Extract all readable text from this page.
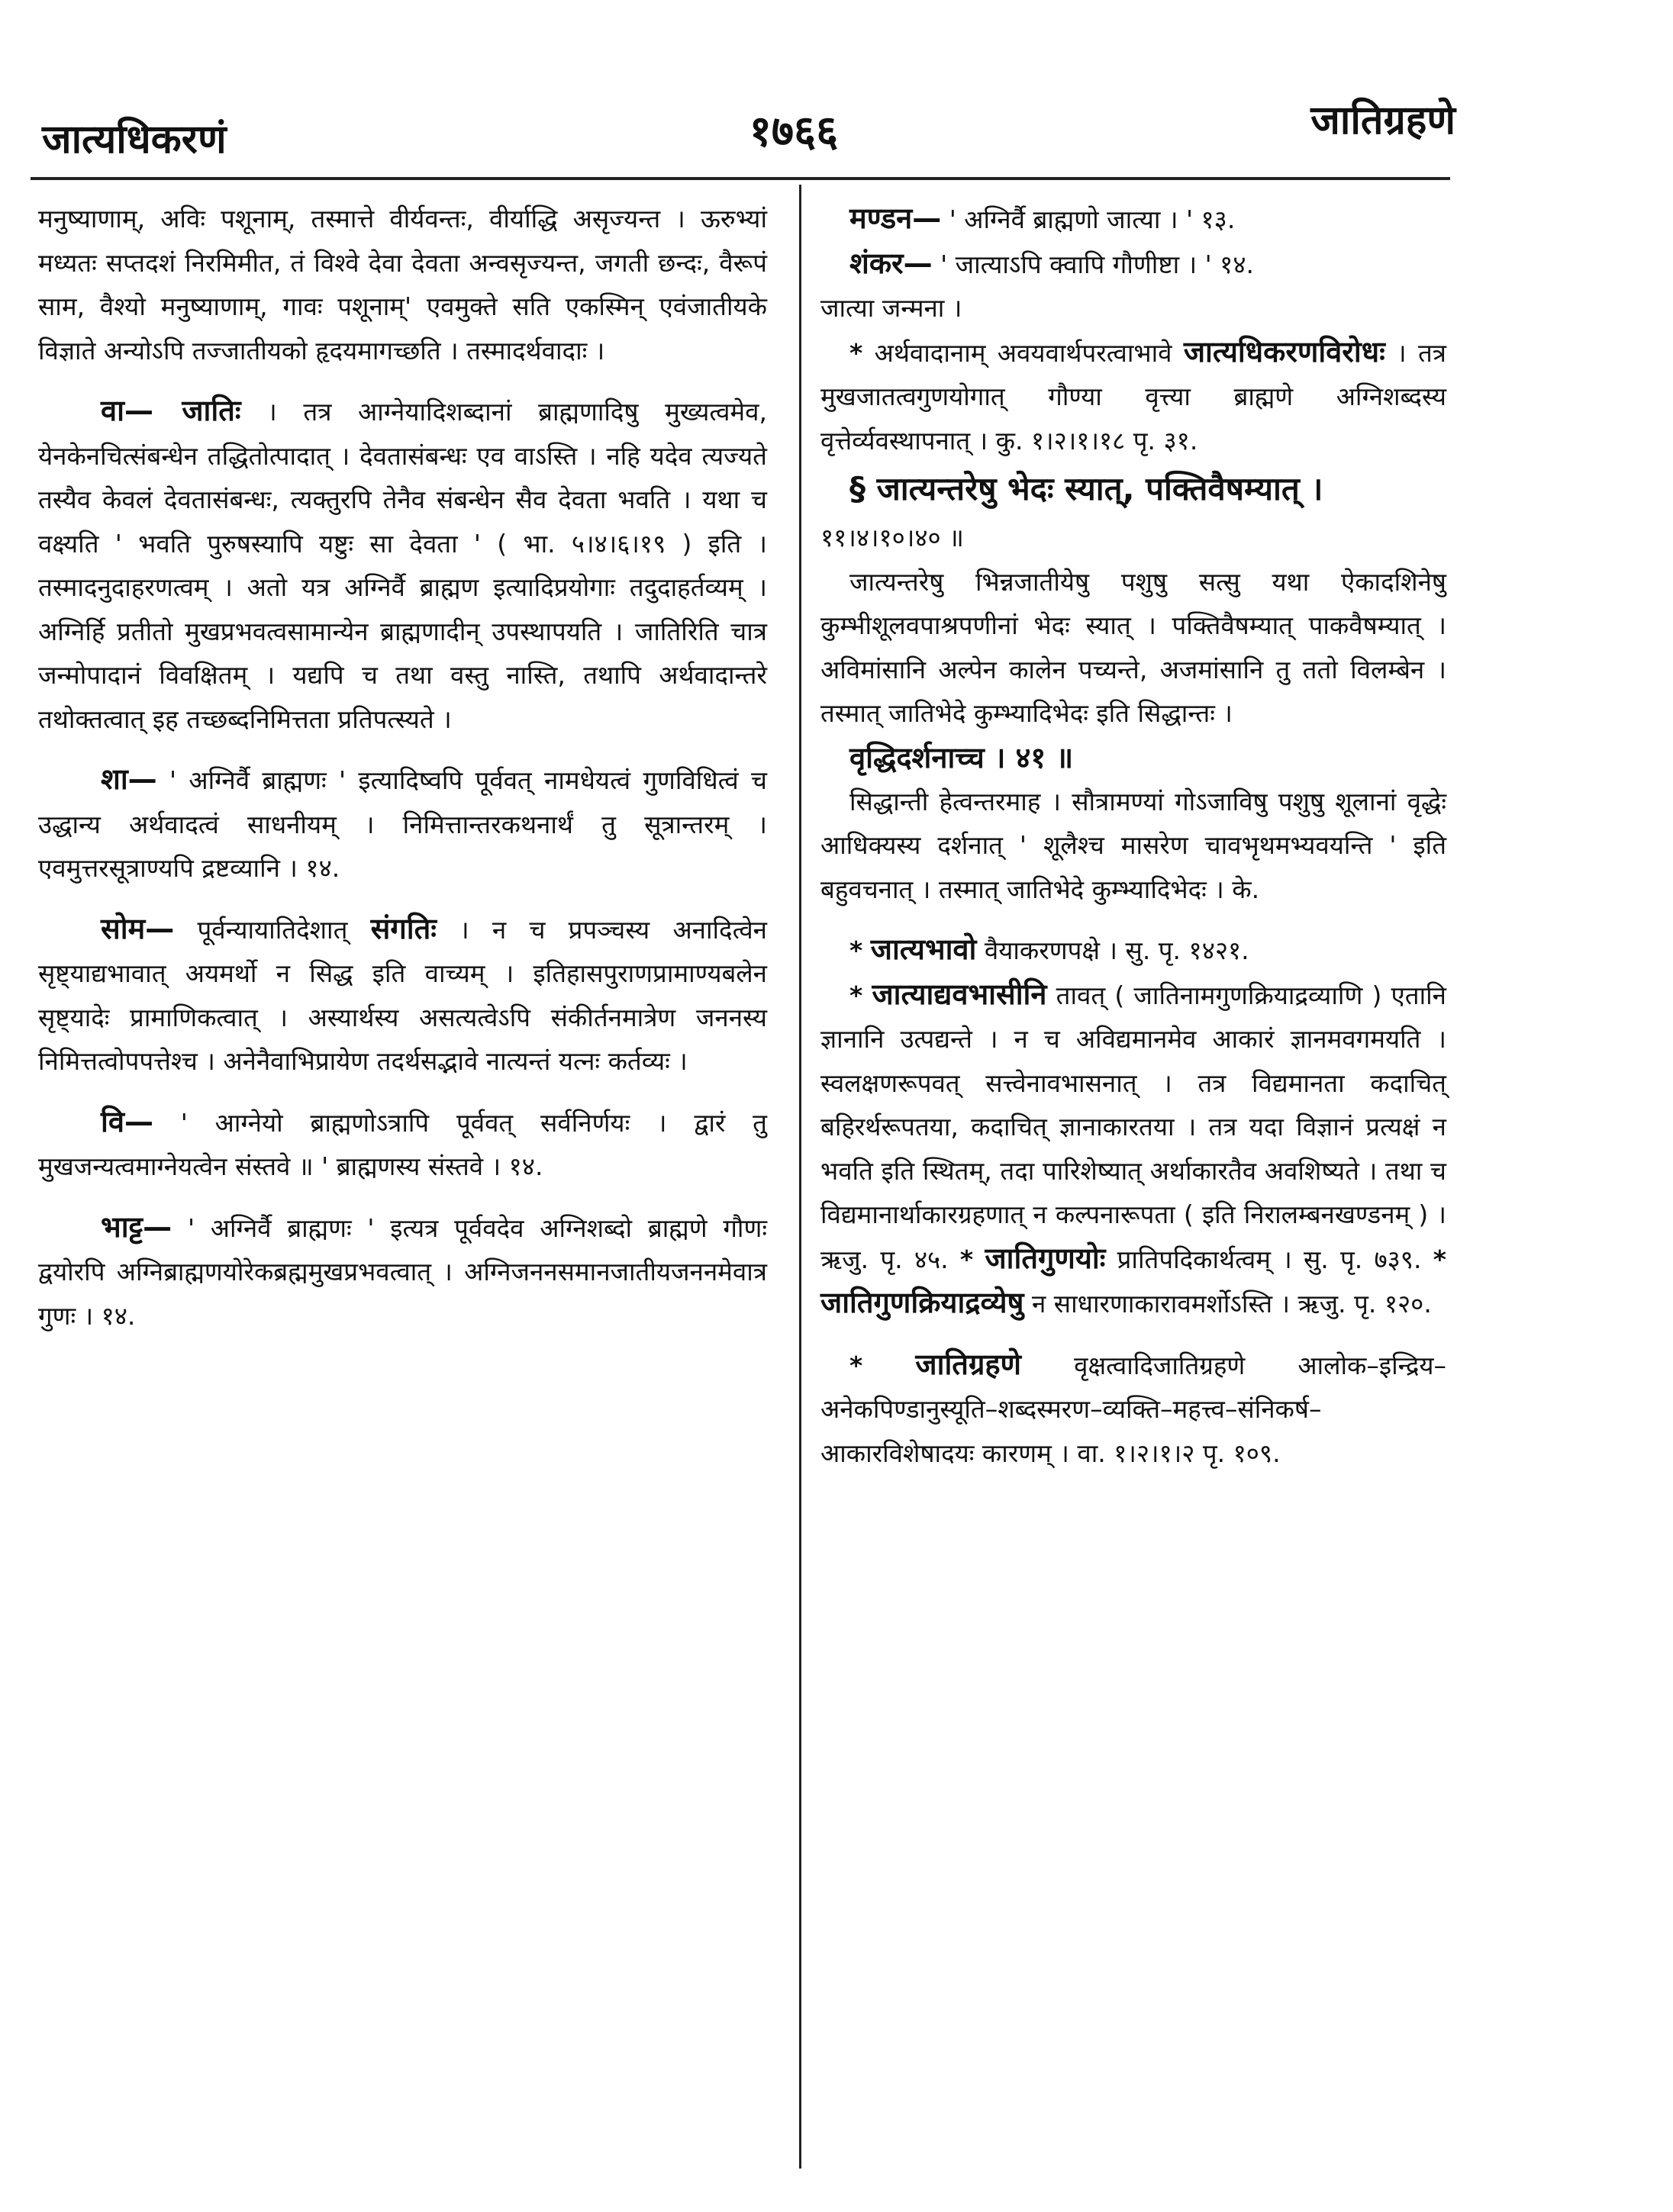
जात्यधिकरणं	१७६६	जातिग्रहणे

मनुष्याणाम्, अविः पशूनाम्, तस्मात्ते वीर्यवन्तः, वीर्याद्धि असृज्यन्त । ऊरुभ्यां मध्यतः सप्तदशं निरमिमीत, तं विश्वे देवा देवता अन्वसृज्यन्त, जगती छन्दः, वैरूपं साम, वैश्यो मनुष्याणाम्, गावः पशूनाम्' एवमुक्ते सति एकस्मिन् एवंजातीयके विज्ञाते अन्योऽपि तज्जातीयको हृदयमागच्छति । तस्मादर्थवादाः ।

वा— जातिः । तत्र आग्नेयादिशब्दानां ब्राह्मणादिषु मुख्यत्वमेव, येनकेनचित्संबन्धेन तद्धितोत्पादात् । देवतासंबन्धः एव वाऽस्ति । नहि यदेव त्यज्यते तस्यैव केवलं देवतासंबन्धः, त्यक्तुरपि तेनैव संबन्धेन सैव देवता भवति । यथा च वक्ष्यति ' भवति पुरुषस्यापि यष्टुः सा देवता ' ( भा. ५।४।६।१९ ) इति । तस्मादनुदाहरणत्वम् । अतो यत्र अग्निर्वै ब्राह्मण इत्यादिप्रयोगाः तदुदाहर्तव्यम् । अग्निर्हि प्रतीतो मुखप्रभवत्वसामान्येन ब्राह्मणादीन् उपस्थापयति । जातिरिति चात्र जन्मोपादानं विवक्षितम् । यद्यपि च तथा वस्तु नास्ति, तथापि अर्थवादान्तरे तथोक्तत्वात् इह तच्छब्दनिमित्तता प्रतिपत्स्यते ।

शा— ' अग्निर्वै ब्राह्मणः ' इत्यादिष्वपि पूर्ववत् नामधेयत्वं गुणविधित्वं च उद्धान्य अर्थवादत्वं साधनीयम् । निमित्तान्तरकथनार्थं तु सूत्रान्तरम् । एवमुत्तरसूत्राण्यपि द्रष्टव्यानि । १४.

सोम— पूर्वन्यायातिदेशात् संगतिः । न च प्रपञ्चस्य अनादित्वेन सृष्ट्याद्यभावात् अयमर्थो न सिद्ध इति वाच्यम् । इतिहासपुराणप्रामाण्यबलेन सृष्ट्यादेः प्रामाणिकत्वात् । अस्यार्थस्य असत्यत्वेऽपि संकीर्तनमात्रेण जननस्य निमित्तत्वोपपत्तेश्च । अनेनैवाभिप्रायेण तदर्थसद्भावे नात्यन्तं यत्नः कर्तव्यः ।

वि— ' आग्नेयो ब्राह्मणोऽत्रापि पूर्ववत् सर्वनिर्णयः । द्वारं तु मुखजन्यत्वमाग्नेयत्वेन संस्तवे ॥ ' ब्राह्मणस्य संस्तवे । १४.

भाट्ट— ' अग्निर्वै ब्राह्मणः ' इत्यत्र पूर्ववदेव अग्निशब्दो ब्राह्मणे गौणः द्वयोरपि अग्निब्राह्मणयोरेकब्रह्ममुखप्रभवत्वात् । अग्निजननसमानजातीयजननमेवात्र गुणः । १४.

मण्डन— ' अग्निर्वै ब्राह्मणो जात्या । ' १३.

शंकर— ' जात्याऽपि क्वापि गौणीष्टा । ' १४.

जात्या जन्मना ।

* अर्थवादानाम् अवयवार्थपरत्वाभावे जात्यधिकरणविरोधः । तत्र मुखजातत्वगुणयोगात् गौण्या वृत्त्या ब्राह्मणे अग्निशब्दस्य वृत्तेर्व्यवस्थापनात् । कु. १।२।१।१८ पृ. ३१.

§ जात्यन्तरेषु भेदः स्यात्, पक्तिवैषम्यात् ।

११।४।१०।४० ॥

जात्यन्तरेषु भिन्नजातीयेषु पशुषु सत्सु यथा ऐकादशिनेषु कुम्भीशूलवपाश्रपणीनां भेदः स्यात् । पक्तिवैषम्यात् पाकवैषम्यात् । अविमांसानि अल्पेन कालेन पच्यन्ते, अजमांसानि तु ततो विलम्बेन । तस्मात् जातिभेदे कुम्भ्यादिभेदः इति सिद्धान्तः ।

वृद्धिदर्शनाच्च । ४१ ॥

सिद्धान्ती हेत्वन्तरमाह । सौत्रामण्यां गोऽजाविषु पशुषु शूलानां वृद्धेः आधिक्यस्य दर्शनात् ' शूलैश्च मासरेण चावभृथमभ्यवयन्ति ' इति बहुवचनात् । तस्मात् जातिभेदे कुम्भ्यादिभेदः । के.

* जात्यभावो वैयाकरणपक्षे । सु. पृ. १४२१.

* जात्याद्यवभासीनि तावत् ( जातिनामगुणक्रियाद्रव्याणि ) एतानि ज्ञानानि उत्पद्यन्ते । न च अविद्यमानमेव आकारं ज्ञानमवगमयति । स्वलक्षणरूपवत् सत्त्वेनावभासनात् । तत्र विद्यमानता कदाचित् बहिरर्थरूपतया, कदाचित् ज्ञानाकारतया । तत्र यदा विज्ञानं प्रत्यक्षं न भवति इति स्थितम्, तदा पारिशेष्यात् अर्थाकारतैव अवशिष्यते । तथा च विद्यमानार्थाकारग्रहणात् न कल्पनारूपता ( इति निरालम्बनखण्डनम् ) । ऋजु. पृ. ४५. * जातिगुणयोः प्रातिपदिकार्थत्वम् । सु. पृ. ७३९. * जातिगुणक्रियाद्रव्येषु न साधारणाकारावमर्शोऽस्ति । ऋजु. पृ. १२०.

* जातिग्रहणे वृक्षत्वादिजातिग्रहणे आलोक–इन्द्रिय–अनेकपिण्डानुस्यूति–शब्दस्मरण–व्यक्ति–महत्त्व–संनिकर्ष–आकारविशेषादयः कारणम् । वा. १।२।१।२ पृ. १०९.
